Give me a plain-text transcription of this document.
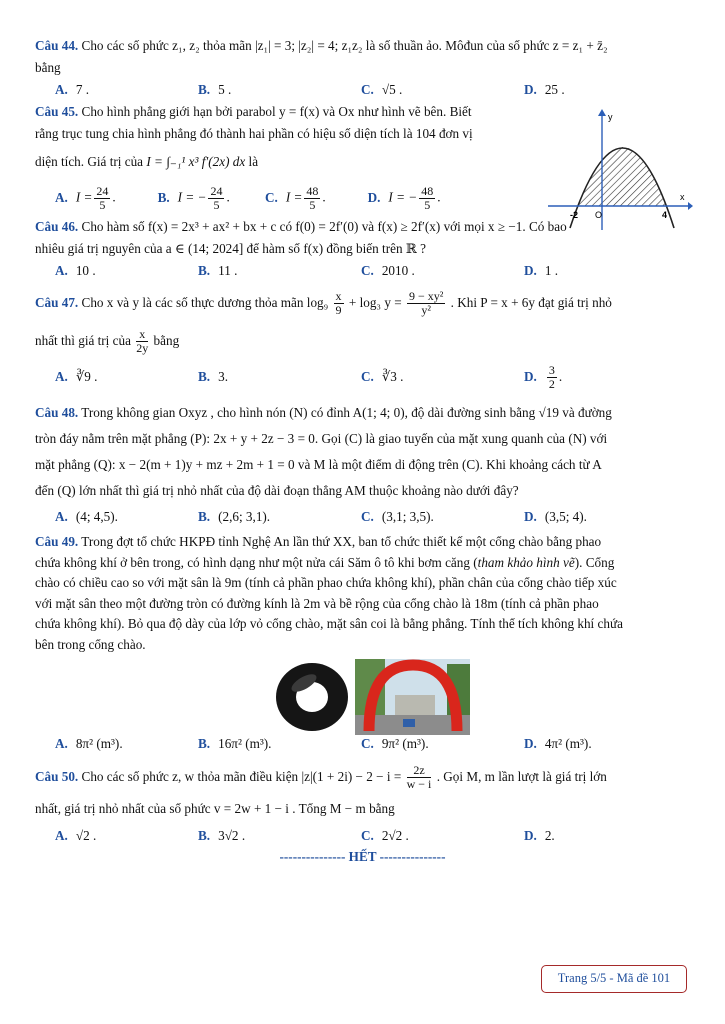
Câu 44. Cho các số phức z₁, z₂ thỏa mãn |z₁| = 3; |z₂| = 4; z₁z₂ là số thuần ảo. Môđun của số phức z = z₁ + z̄₂
bằng
A. 7 .	B. 5 .	C. √5 .	D. 25 .
Câu 45. Cho hình phẳng giới hạn bởi parabol y = f(x) và Ox như hình vẽ bên. Biết
rằng trục tung chia hình phẳng đó thành hai phần có hiệu số diện tích là 104 đơn vị
diện tích. Giá trị của I = ∫₋₁¹ x³ f′(2x) dx là
A. $I = \frac{24}{5}$ .	B. I = − $\frac{24}{5}$ .	C. $I = \frac{48}{5}$ .	D. I = − $\frac{48}{5}$ .
Câu 46. Cho hàm số f(x) = 2x³ + ax² + bx + c có f(0) = 2f′(0) và f(x) ≥ 2f′(x) với mọi x ≥ −1. Có bao
nhiêu giá trị nguyên của a ∈ (14; 2024] để hàm số f(x) đồng biến trên ℝ ?
A. 10 .	B. 11 .	C. 2010 .	D. 1 .
Câu 47. Cho x và y là các số thực dương thỏa mãn $\log_9 \frac{x}{9} + \log_3$ $y = \frac{\text{9 − xy²}}{\text{y²}}$ . Khi P = x + 6y đạt giá trị nhỏ
nhất thì giá trị của $\frac{x}{2y}$ bằng
A. ∛9 .	B. 3.	C. ∛3 .	D. $\frac{3}{2}$ .
Câu 48. Trong không gian Oxyz , cho hình nón (N) có đỉnh A(1; 4; 0), độ dài đường sinh bằng √19 và đường
tròn đáy nằm trên mặt phẳng (P): 2x + y + 2z − 3 = 0. Gọi (C) là giao tuyến của mặt xung quanh của (N) với
mặt phẳng (Q): x − 2(m + 1)y + mz + 2m + 1 = 0 và M là một điểm di động trên (C). Khi khoảng cách từ A
đến (Q) lớn nhất thì giá trị nhỏ nhất của độ dài đoạn thẳng AM thuộc khoảng nào dưới đây?
A. (4; 4,5).	B. (2,6; 3,1).	C. (3,1; 3,5).	D. (3,5; 4).
Câu 49. Trong đợt tổ chức HKPĐ tỉnh Nghệ An lần thứ XX, ban tổ chức thiết kế một cổng chào bằng phao
chứa không khí ở bên trong, có hình dạng như một nửa cái Săm ô tô khi bơm căng (tham khảo hình vẽ). Cổng
chào có chiều cao so với mặt sân là 9m (tính cả phần phao chứa không khí), phần chân của cổng chào tiếp xúc
với mặt sân theo một đường tròn có đường kính là 2m và bề rộng của cổng chào là 18m (tính cả phần phao
chứa không khí). Bỏ qua độ dày của lớp vỏ cổng chào, mặt sân coi là bằng phẳng. Tính thể tích không khí chứa
bên trong cổng chào.
A. 8π² (m³).	B. 16π² (m³).	C. 9π² (m³).	D. 4π² (m³).
Câu 50. Cho các số phức z, w thỏa mãn điều kiện $|z|(1 + 2i) - 2 - i = \frac{2z}{w - i}$ . Gọi M, m lần lượt là giá trị lớn
nhất, giá trị nhỏ nhất của số phức v = 2w + 1 − i . Tổng M − m bằng
A. √2 .	B. 3√2 .	C. 2√2 .	D. 2.
--------------- HẾT ---------------
y
x
O
-2	4
Trang 5/5 - Mã đề 101
